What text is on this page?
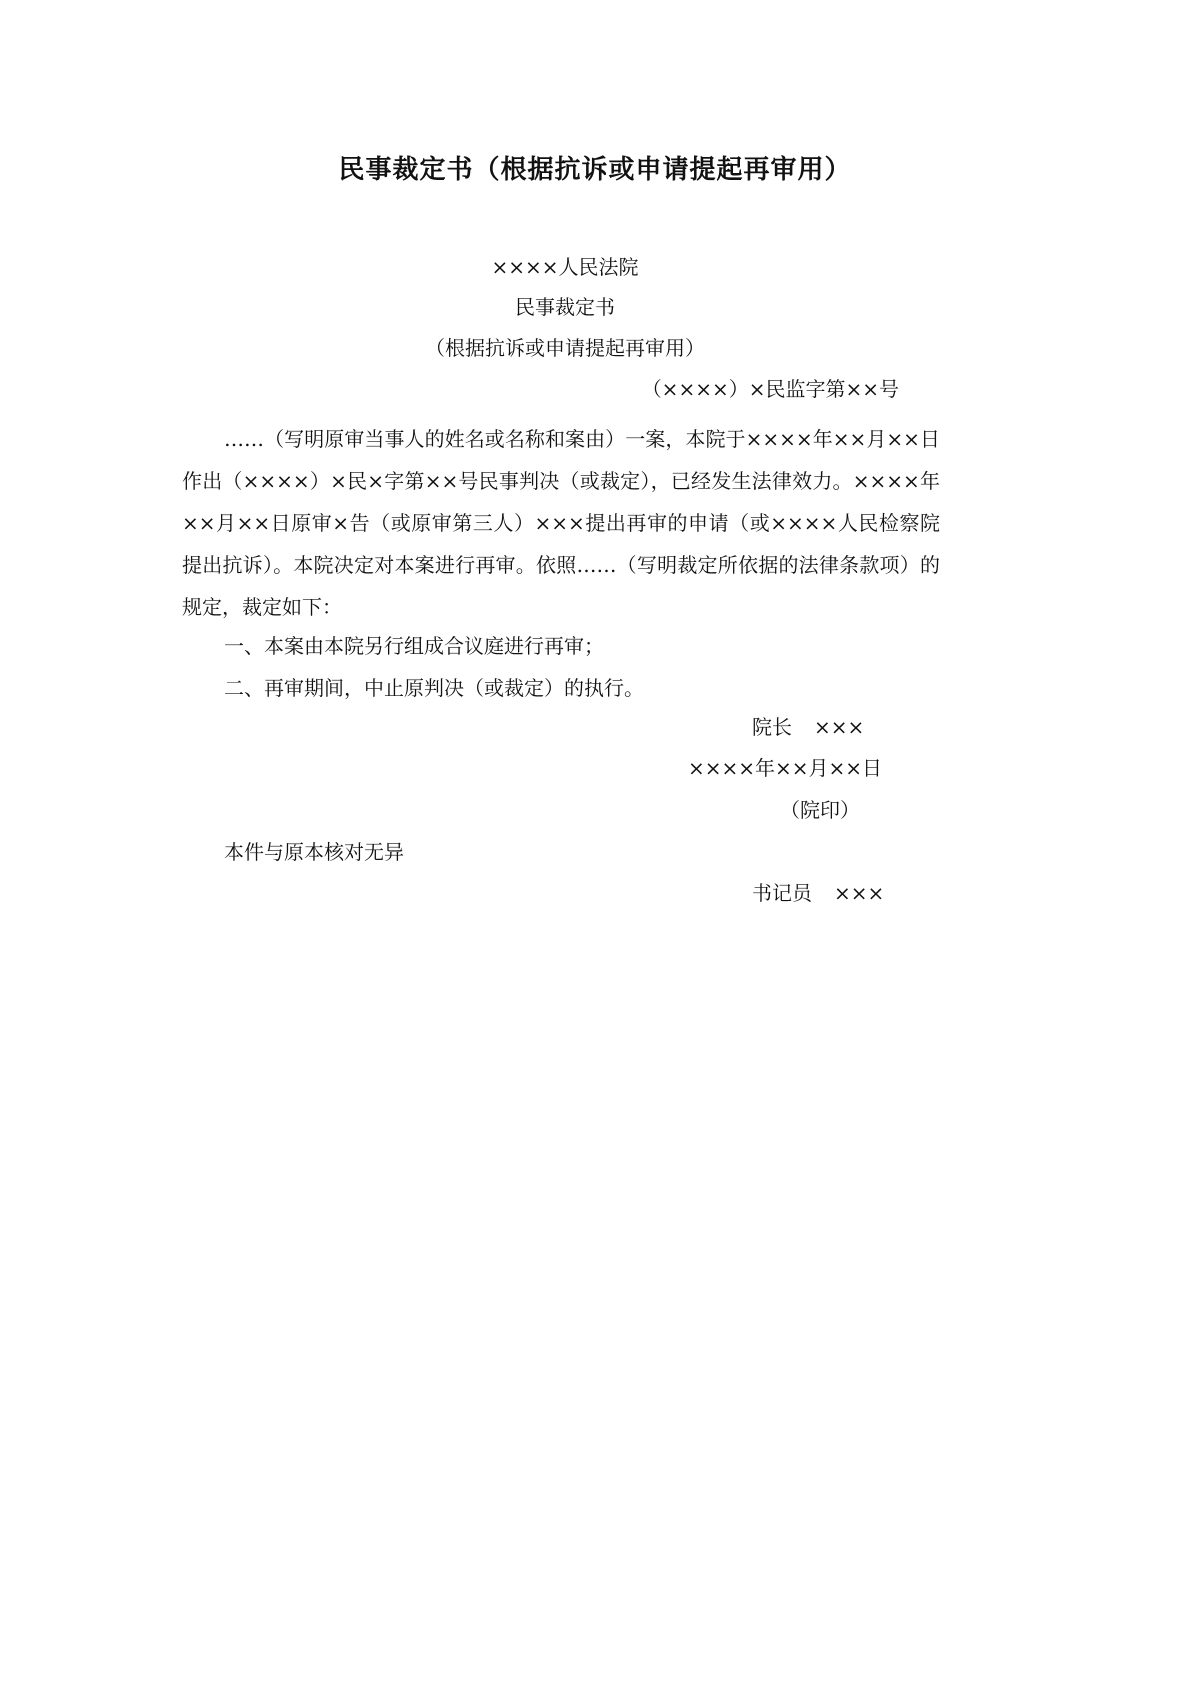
民事裁定书（根据抗诉或申请提起再审用）
××××人民法院
民事裁定书
（根据抗诉或申请提起再审用）
（××××）×民监字第××号

……（写明原审当事人的姓名或名称和案由）一案，本院于××××年××月××日作出（××××）×民×字第××号民事判决（或裁定），已经发生法律效力。××××年××月××日原审×告（或原审第三人）×××提出再审的申请（或××××人民检察院提出抗诉）。本院决定对本案进行再审。依照……（写明裁定所依据的法律条款项）的规定，裁定如下：

一、本案由本院另行组成合议庭进行再审；

二、再审期间，中止原判决（或裁定）的执行。

院长 ×××
××××年××月××日
（院印）
本件与原本核对无异
书记员 ×××
